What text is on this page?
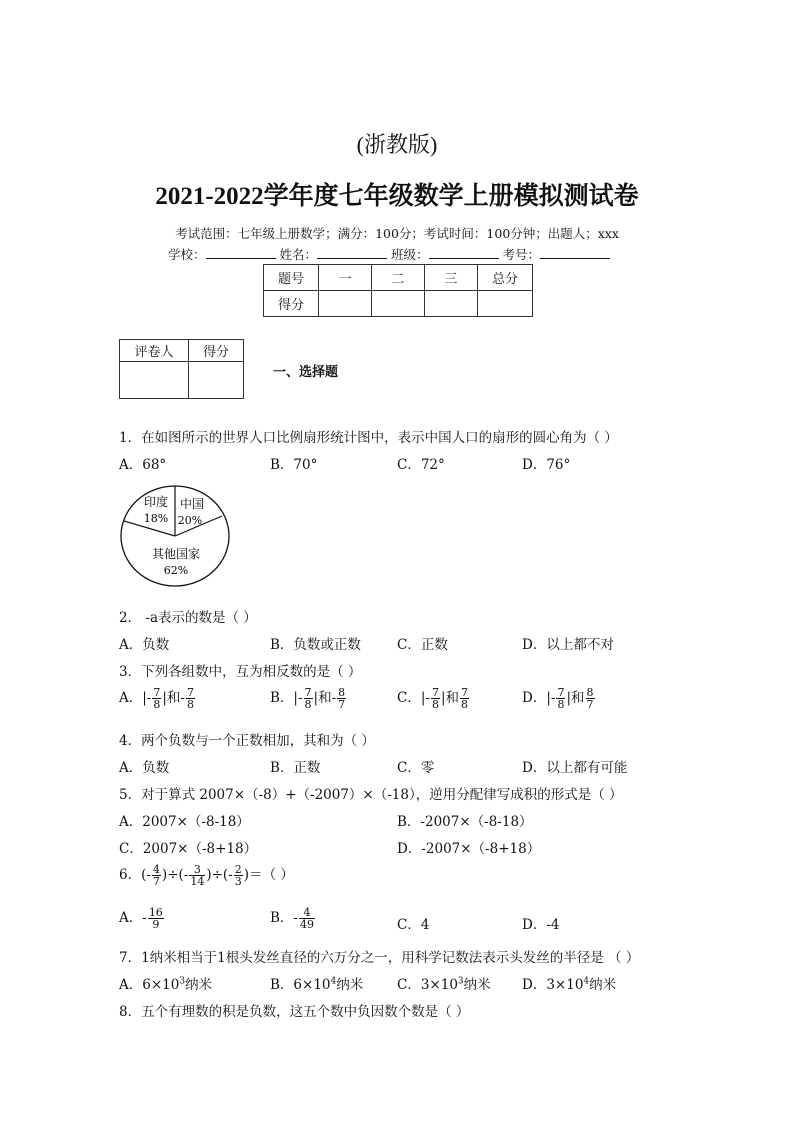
(浙教版)
2021-2022学年度七年级数学上册模拟测试卷
考试范围：七年级上册数学；满分：100分；考试时间：100分钟；出题人；xxx
学校：	姓名：	班级：	考号：
题号	一	二	三	总分
得分				
评卷人	得分

一、选择题
1．在如图所示的世界人口比例扇形统计图中，表示中国人口的扇形的圆心角为（ ）
A．68°	B．70°	C．72°	D．76°
印度
18%
中国
20%
其他国家
62%
2． -a表示的数是（ ）
A．负数	B．负数或正数	C．正数	D．以上都不对
3．下列各组数中，互为相反数的是（ ）
A．|- $\frac{7}{8}$ |和- $\frac{7}{8}$	B．|- $\frac{7}{8}$ |和- $\frac{8}{7}$	C．|- $\frac{7}{8}$ |和 $\frac{7}{8}$	D．|- $\frac{7}{8}$ |和 $\frac{8}{7}$
4．两个负数与一个正数相加，其和为（ ）
A．负数	B．正数	C．零	D．以上都有可能
5．对于算式 2007×（-8）+（-2007）×（-18），逆用分配律写成积的形式是（ ）
A．2007×（-8-18）	B．-2007×（-8-18）
C．2007×（-8+18）	D．-2007×（-8+18）
6．(- $\frac{4}{7}$ )÷(- $\frac{3}{14}$ )÷(- $\frac{2}{3}$ )＝（ ）
A．- $\frac{16}{9}$	B．- $\frac{4}{49}$	C．4	D．-4
7．1纳米相当于1根头发丝直径的六万分之一，用科学记数法表示头发丝的半径是 （ ）
A．$6\times 10^3$纳米	B．$6\times 10^4$纳米	C．$3\times 10^3$纳米 D．$3\times 10^4$纳米
8．五个有理数的积是负数，这五个数中负因数个数是（ ）
